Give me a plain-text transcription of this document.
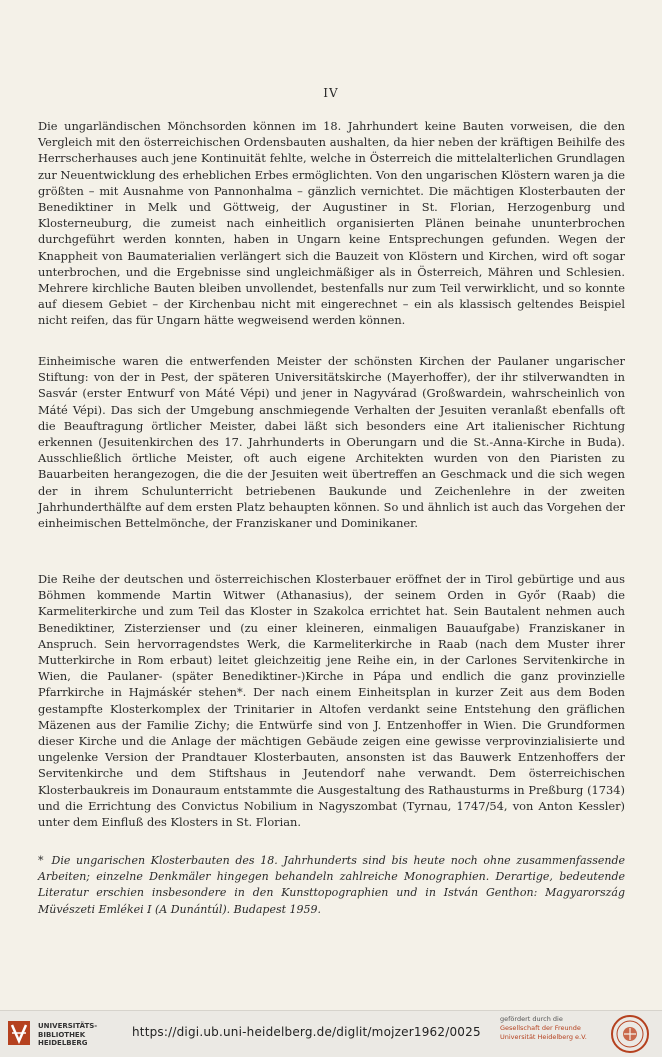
IV

Die ungarländischen Mönchsorden können im 18. Jahrhundert keine Bauten vorweisen, die den Vergleich mit den österreichischen Ordensbauten aushalten, da hier neben der kräftigen Beihilfe des Herrscherhauses auch jene Kontinuität fehlte, welche in Österreich die mittelalterlichen Grundlagen zur Neuentwicklung des erheblichen Erbes ermöglichten. Von den ungarischen Klöstern waren ja die größten – mit Ausnahme von Pannonhalma – gänzlich vernichtet. Die mächtigen Klosterbauten der Benediktiner in Melk und Göttweig, der Augustiner in St. Florian, Herzogenburg und Klosterneuburg, die zumeist nach einheitlich organisierten Plänen beinahe ununterbrochen durchgeführt werden konnten, haben in Ungarn keine Entsprechungen gefunden. Wegen der Knappheit von Baumaterialien verlängert sich die Bauzeit von Klöstern und Kirchen, wird oft sogar unterbrochen, und die Ergebnisse sind ungleichmäßiger als in Österreich, Mähren und Schlesien. Mehrere kirchliche Bauten bleiben unvollendet, bestenfalls nur zum Teil verwirklicht, und so konnte auf diesem Gebiet – der Kirchenbau nicht mit eingerechnet – ein als klassisch geltendes Beispiel nicht reifen, das für Ungarn hätte wegweisend werden können.

Einheimische waren die entwerfenden Meister der schönsten Kirchen der Paulaner ungarischer Stiftung: von der in Pest, der späteren Universitätskirche (Mayerhoffer), der ihr stilverwandten in Sasvár (erster Entwurf von Máté Vépi) und jener in Nagyvárad (Großwardein, wahrscheinlich von Máté Vépi). Das sich der Umgebung anschmiegende Verhalten der Jesuiten veranlaßt ebenfalls oft die Beauftragung örtlicher Meister, dabei läßt sich besonders eine Art italienischer Richtung erkennen (Jesuitenkirchen des 17. Jahrhunderts in Oberungarn und die St.-Anna-Kirche in Buda). Ausschließlich örtliche Meister, oft auch eigene Architekten wurden von den Piaristen zu Bauarbeiten herangezogen, die die der Jesuiten weit übertreffen an Geschmack und die sich wegen der in ihrem Schulunterricht betriebenen Baukunde und Zeichenlehre in der zweiten Jahrhunderthälfte auf dem ersten Platz behaupten können. So und ähnlich ist auch das Vorgehen der einheimischen Bettelmönche, der Franziskaner und Dominikaner.

Die Reihe der deutschen und österreichischen Klosterbauer eröffnet der in Tirol gebürtige und aus Böhmen kommende Martin Witwer (Athanasius), der seinem Orden in Győr (Raab) die Karmeliterkirche und zum Teil das Kloster in Szakolca errichtet hat. Sein Bautalent nehmen auch Benediktiner, Zisterzienser und (zu einer kleineren, einmaligen Bauaufgabe) Franziskaner in Anspruch. Sein hervorragendstes Werk, die Karmeliterkirche in Raab (nach dem Muster ihrer Mutterkirche in Rom erbaut) leitet gleichzeitig jene Reihe ein, in der Carlones Servitenkirche in Wien, die Paulaner- (später Benediktiner-)Kirche in Pápa und endlich die ganz provinzielle Pfarrkirche in Hajmáskér stehen*. Der nach einem Einheitsplan in kurzer Zeit aus dem Boden gestampfte Klosterkomplex der Trinitarier in Altofen verdankt seine Entstehung den gräflichen Mäzenen aus der Familie Zichy; die Entwürfe sind von J. Entzenhoffer in Wien. Die Grundformen dieser Kirche und die Anlage der mächtigen Gebäude zeigen eine gewisse verprovinzialisierte und ungelenke Version der Prandtauer Klosterbauten, ansonsten ist das Bauwerk Entzenhoffers der Servitenkirche und dem Stiftshaus in Jeutendorf nahe verwandt. Dem österreichischen Klosterbaukreis im Donauraum entstammte die Ausgestaltung des Rathausturms in Preßburg (1734) und die Errichtung des Convictus Nobilium in Nagyszombat (Tyrnau, 1747/54, von Anton Kessler) unter dem Einfluß des Klosters in St. Florian.

* Die ungarischen Klosterbauten des 18. Jahrhunderts sind bis heute noch ohne zusammenfassende Arbeiten; einzelne Denkmäler hingegen behandeln zahlreiche Monographien. Derartige, bedeutende Literatur erschien insbesondere in den Kunsttopographien und in István Genthon: Magyarország Müvészeti Emlékei I (A Dunántúl). Budapest 1959.
UNIVERSITÄTS-
BIBLIOTHEK
HEIDELBERG
https://digi.ub.uni-heidelberg.de/diglit/mojzer1962/0025
gefördert durch die
Gesellschaft der Freunde
Universität Heidelberg e.V.
